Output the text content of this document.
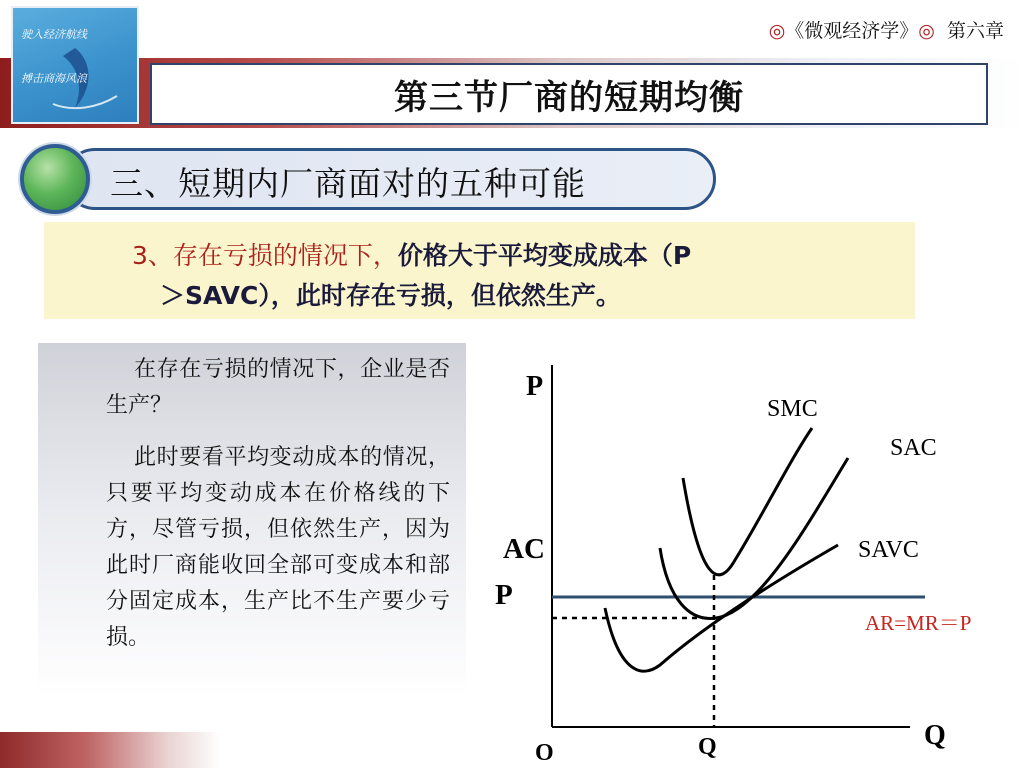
◎《微观经济学》◎ 第六章
驶入经济航线
搏击商海风浪	第三节厂商的短期均衡
三、短期内厂商面对的五种可能
3、存在亏损的情况下，价格大于平均变成成本（P
＞SAVC），此时存在亏损，但依然生产。
在存在亏损的情况下，企业是否生产？
此时要看平均变动成本的情况，只要平均变动成本在价格线的下方，尽管亏损，但依然生产，因为此时厂商能收回全部可变成本和部分固定成本，生产比不生产要少亏损。
P
Q
O
AC
P
Q
SMC
SAC
SAVC
AR=MR＝P
